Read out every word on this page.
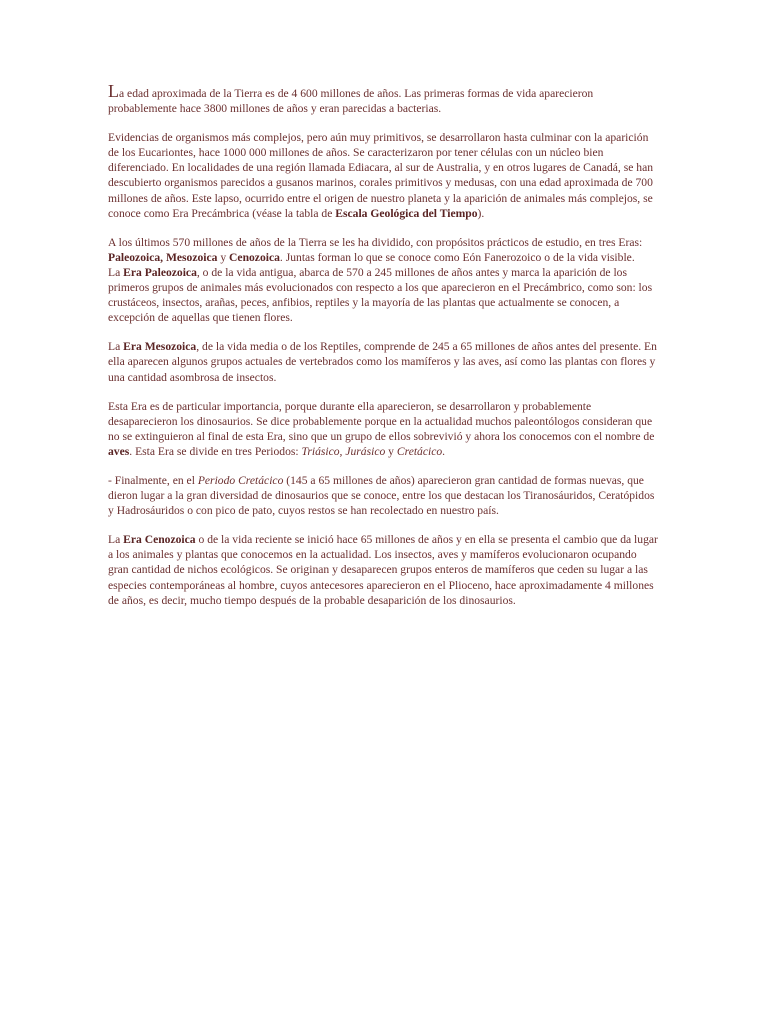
La edad aproximada de la Tierra es de 4 600 millones de años. Las primeras formas de vida aparecieron probablemente hace 3800 millones de años y eran parecidas a bacterias.

Evidencias de organismos más complejos, pero aún muy primitivos, se desarrollaron hasta culminar con la aparición de los Eucariontes, hace 1000 000 millones de años. Se caracterizaron por tener células con un núcleo bien diferenciado. En localidades de una región llamada Ediacara, al sur de Australia, y en otros lugares de Canadá, se han descubierto organismos parecidos a gusanos marinos, corales primitivos y medusas, con una edad aproximada de 700 millones de años. Este lapso, ocurrido entre el origen de nuestro planeta y la aparición de animales más complejos, se conoce como Era Precámbrica (véase la tabla de Escala Geológica del Tiempo).

A los últimos 570 millones de años de la Tierra se les ha dividido, con propósitos prácticos de estudio, en tres Eras: Paleozoica, Mesozoica y Cenozoica. Juntas forman lo que se conoce como Eón Fanerozoico o de la vida visible.

La Era Paleozoica, o de la vida antigua, abarca de 570 a 245 millones de años antes y marca la aparición de los primeros grupos de animales más evolucionados con respecto a los que aparecieron en el Precámbrico, como son: los crustáceos, insectos, arañas, peces, anfibios, reptiles y la mayoría de las plantas que actualmente se conocen, a excepción de aquellas que tienen flores.

La Era Mesozoica, de la vida media o de los Reptiles, comprende de 245 a 65 millones de años antes del presente. En ella aparecen algunos grupos actuales de vertebrados como los mamíferos y las aves, así como las plantas con flores y una cantidad asombrosa de insectos.

Esta Era es de particular importancia, porque durante ella aparecieron, se desarrollaron y probablemente desaparecieron los dinosaurios. Se dice probablemente porque en la actualidad muchos paleontólogos consideran que no se extinguieron al final de esta Era, sino que un grupo de ellos sobrevivió y ahora los conocemos con el nombre de aves. Esta Era se divide en tres Periodos: Triásico, Jurásico y Cretácico.

- Finalmente, en el Periodo Cretácico (145 a 65 millones de años) aparecieron gran cantidad de formas nuevas, que dieron lugar a la gran diversidad de dinosaurios que se conoce, entre los que destacan los Tiranosáuridos, Ceratópidos y Hadrosáuridos o con pico de pato, cuyos restos se han recolectado en nuestro país.

La Era Cenozoica o de la vida reciente se inició hace 65 millones de años y en ella se presenta el cambio que da lugar a los animales y plantas que conocemos en la actualidad. Los insectos, aves y mamíferos evolucionaron ocupando gran cantidad de nichos ecológicos. Se originan y desaparecen grupos enteros de mamíferos que ceden su lugar a las especies contemporáneas al hombre, cuyos antecesores aparecieron en el Plioceno, hace aproximadamente 4 millones de años, es decir, mucho tiempo después de la probable desaparición de los dinosaurios.
